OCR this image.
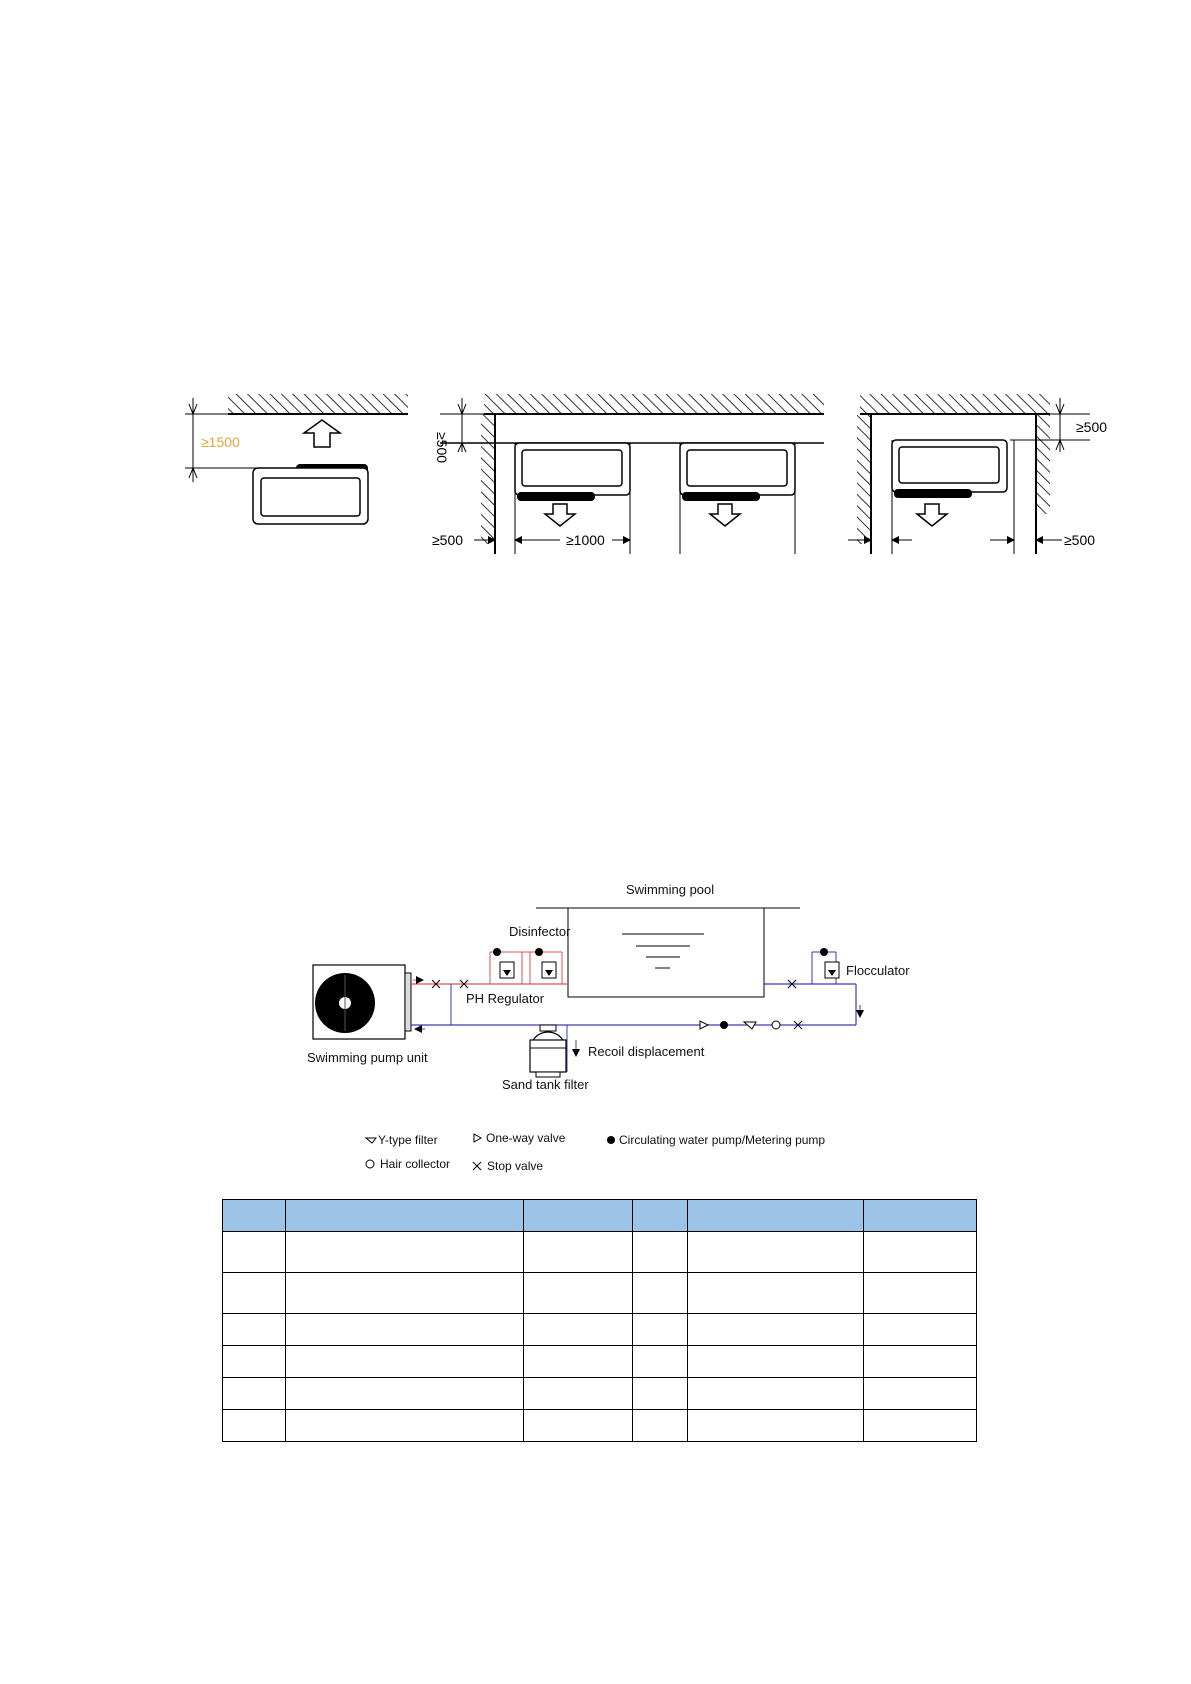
≥1500	≥500
≥500	≥1000
≥500
≥500
Swimming pool
Swimming pump unit
Disinfector
PH Regulator
Flocculator
Recoil displacement
Sand tank filter
Y-type filter	One-way valve	Circulating water pump/Metering pump
Hair collector	Stop valve
